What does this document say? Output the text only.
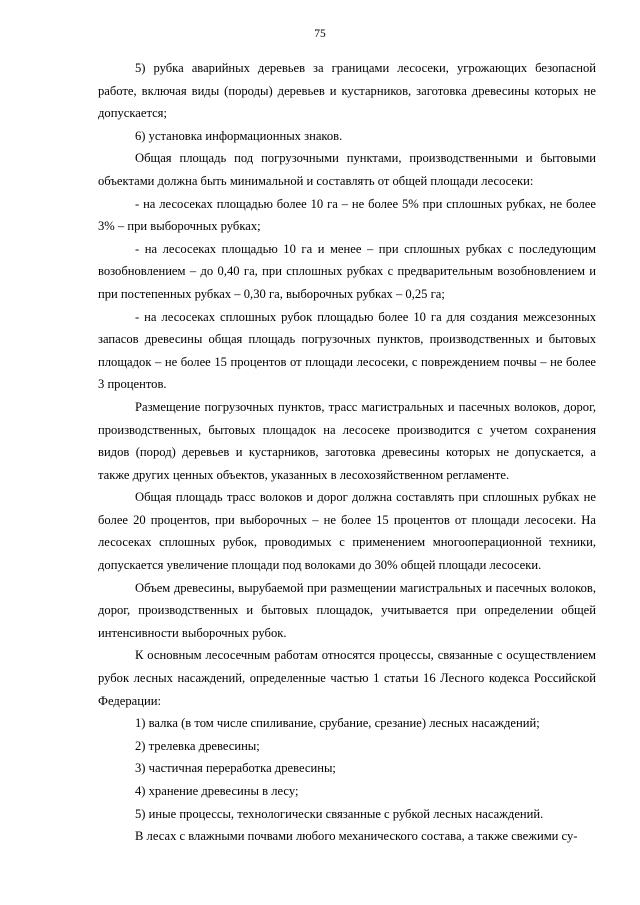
75

5) рубка аварийных деревьев за границами лесосеки, угрожающих безопасной работе, включая виды (породы) деревьев и кустарников, заготовка древесины которых не допускается;

6) установка информационных знаков.

Общая площадь под погрузочными пунктами, производственными и бытовыми объектами должна быть минимальной и составлять от общей площади лесосеки:

- на лесосеках площадью более 10 га – не более 5% при сплошных рубках, не более 3% – при выборочных рубках;

- на лесосеках площадью 10 га и менее – при сплошных рубках с последующим возобновлением – до 0,40 га, при сплошных рубках с предварительным возобновлением и при постепенных рубках – 0,30 га, выборочных рубках – 0,25 га;

- на лесосеках сплошных рубок площадью более 10 га для создания межсезонных запасов древесины общая площадь погрузочных пунктов, производственных и бытовых площадок – не более 15 процентов от площади лесосеки, с повреждением почвы – не более 3 процентов.

Размещение погрузочных пунктов, трасс магистральных и пасечных волоков, дорог, производственных, бытовых площадок на лесосеке производится с учетом сохранения видов (пород) деревьев и кустарников, заготовка древесины которых не допускается, а также других ценных объектов, указанных в лесохозяйственном регламенте.

Общая площадь трасс волоков и дорог должна составлять при сплошных рубках не более 20 процентов, при выборочных – не более 15 процентов от площади лесосеки. На лесосеках сплошных рубок, проводимых с применением многооперационной техники, допускается увеличение площади под волоками до 30% общей площади лесосеки.

Объем древесины, вырубаемой при размещении магистральных и пасечных волоков, дорог, производственных и бытовых площадок, учитывается при определении общей интенсивности выборочных рубок.

К основным лесосечным работам относятся процессы, связанные с осуществлением рубок лесных насаждений, определенные частью 1 статьи 16 Лесного кодекса Российской Федерации:

1) валка (в том числе спиливание, срубание, срезание) лесных насаждений;

2) трелевка древесины;

3) частичная переработка древесины;

4) хранение древесины в лесу;

5) иные процессы, технологически связанные с рубкой лесных насаждений.

В лесах с влажными почвами любого механического состава, а также свежими су-
